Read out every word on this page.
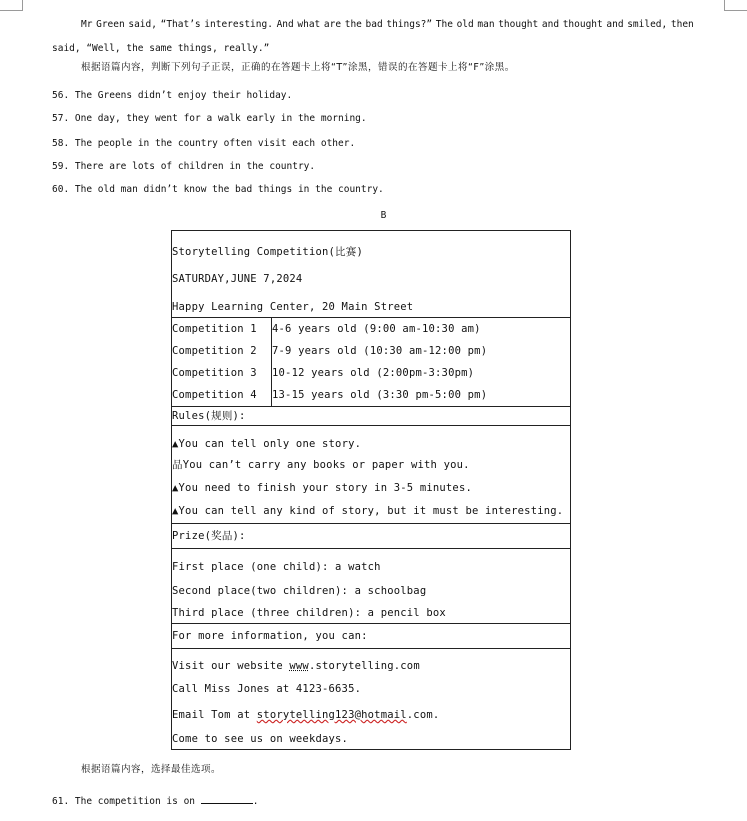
Mr Green said, “That’s interesting. And what are the bad things?” The old man thought and thought and smiled, then
said, “Well, the same things, really.”
根据语篇内容，判断下列句子正误，正确的在答题卡上将“T”涂黑，错误的在答题卡上将“F”涂黑。
56. The Greens didn’t enjoy their holiday.
57. One day, they went for a walk early in the morning.
58. The people in the country often visit each other.
59. There are lots of children in the country.
60. The old man didn’t know the bad things in the country.
B
Storytelling Competition(比赛)
SATURDAY,JUNE 7,2024
Happy Learning Center, 20 Main Street	

Competition 1	4-6 years old (9:00 am-10:30 am)
Competition 2	7-9 years old (10:30 am-12:00 pm)
Competition 3	10-12 years old (2:00pm-3:30pm)
Competition 4	13-15 years old (3:30 pm-5:00 pm)
Rules(规则):	

▲You can tell only one story.
品You can’t carry any books or paper with you.
▲You need to finish your story in 3-5 minutes.
▲You can tell any kind of story, but it must be interesting.	

Prize(奖品):	

First place (one child): a watch
Second place(two children): a schoolbag
Third place (three children): a pencil box	

For more information, you can:	

Visit our website www.storytelling.com
Call Miss Jones at 4123-6635.
Email Tom at storytelling123@hotmail.com.
Come to see us on weekdays.	
根据语篇内容，选择最佳选项。
61. The competition is on	.
